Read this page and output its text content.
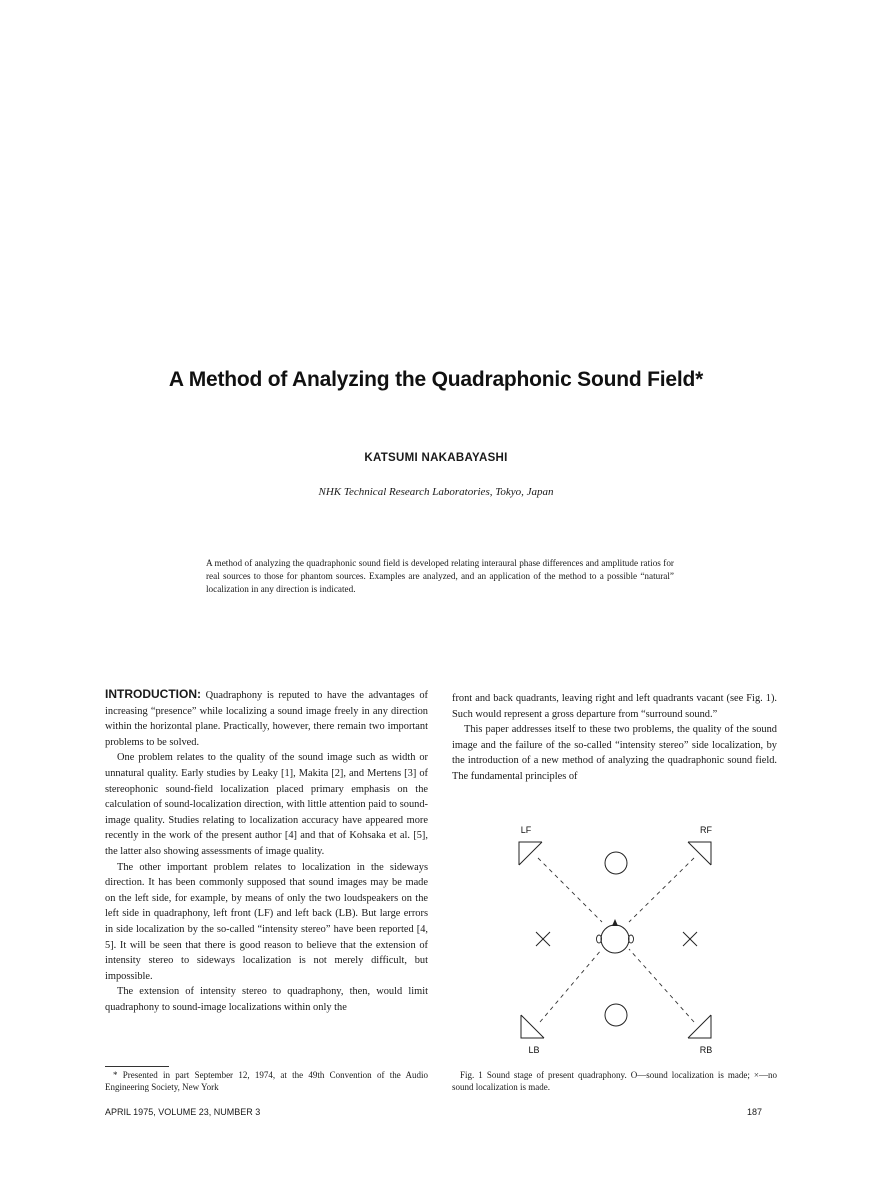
A Method of Analyzing the Quadraphonic Sound Field*
KATSUMI NAKABAYASHI
NHK Technical Research Laboratories, Tokyo, Japan
A method of analyzing the quadraphonic sound field is developed relating interaural phase differences and amplitude ratios for real sources to those for phantom sources. Examples are analyzed, and an application of the method to a possible “natural” localization in any direction is indicated.

INTRODUCTION: Quadraphony is reputed to have the advantages of increasing “presence” while localizing a sound image freely in any direction within the horizontal plane. Practically, however, there remain two important problems to be solved.

One problem relates to the quality of the sound image such as width or unnatural quality. Early studies by Leaky [1], Makita [2], and Mertens [3] of stereophonic sound-field localization placed primary emphasis on the calculation of sound-localization direction, with little attention paid to sound-image quality. Studies relating to localization accuracy have appeared more recently in the work of the present author [4] and that of Kohsaka et al. [5], the latter also showing assessments of image quality.

The other important problem relates to localization in the sideways direction. It has been commonly supposed that sound images may be made on the left side, for example, by means of only the two loudspeakers on the left side in quadraphony, left front (LF) and left back (LB). But large errors in side localization by the so-called “intensity stereo” have been reported [4, 5]. It will be seen that there is good reason to believe that the extension of intensity stereo to sideways localization is not merely difficult, but impossible.

The extension of intensity stereo to quadraphony, then, would limit quadraphony to sound-image localizations within only the

front and back quadrants, leaving right and left quadrants vacant (see Fig. 1). Such would represent a gross departure from “surround sound.”

This paper addresses itself to these two problems, the quality of the sound image and the failure of the so-called “intensity stereo” side localization, by the introduction of a new method of analyzing the quadraphonic sound field. The fundamental principles of

LF	RF
LB	RB
* Presented in part September 12, 1974, at the 49th Convention of the Audio Engineering Society, New York
Fig. 1 Sound stage of present quadraphony. O—sound localization is made; ×—no sound localization is made.
APRIL 1975, VOLUME 23, NUMBER 3	187
